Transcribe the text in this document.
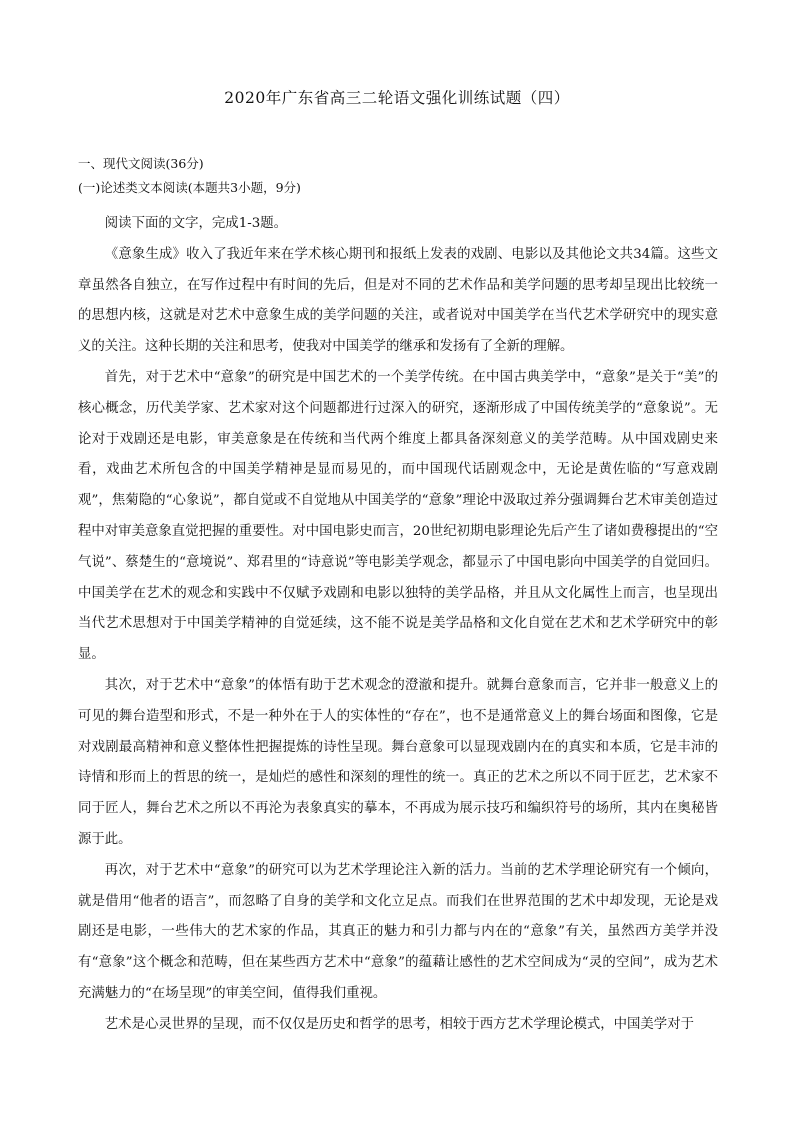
2020年广东省高三二轮语文强化训练试题（四）
一、现代文阅读(36分)
(一)论述类文本阅读(本题共3小题，9分)

阅读下面的文字，完成1-3题。

《意象生成》收入了我近年来在学术核心期刊和报纸上发表的戏剧、电影以及其他论文共34篇。这些文章虽然各自独立，在写作过程中有时间的先后，但是对不同的艺术作品和美学问题的思考却呈现出比较统一的思想内核，这就是对艺术中意象生成的美学问题的关注，或者说对中国美学在当代艺术学研究中的现实意义的关注。这种长期的关注和思考，使我对中国美学的继承和发扬有了全新的理解。

首先，对于艺术中“意象”的研究是中国艺术的一个美学传统。在中国古典美学中，“意象”是关于“美”的核心概念，历代美学家、艺术家对这个问题都进行过深入的研究，逐渐形成了中国传统美学的“意象说”。无论对于戏剧还是电影，审美意象是在传统和当代两个维度上都具备深刻意义的美学范畴。从中国戏剧史来看，戏曲艺术所包含的中国美学精神是显而易见的，而中国现代话剧观念中，无论是黄佐临的“写意戏剧观”，焦菊隐的“心象说”，都自觉或不自觉地从中国美学的“意象”理论中汲取过养分强调舞台艺术审美创造过程中对审美意象直觉把握的重要性。对中国电影史而言，20世纪初期电影理论先后产生了诸如费穆提出的“空气说”、蔡楚生的“意境说”、郑君里的“诗意说”等电影美学观念，都显示了中国电影向中国美学的自觉回归。中国美学在艺术的观念和实践中不仅赋予戏剧和电影以独特的美学品格，并且从文化属性上而言，也呈现出当代艺术思想对于中国美学精神的自觉延续，这不能不说是美学品格和文化自觉在艺术和艺术学研究中的彰显。

其次，对于艺术中“意象”的体悟有助于艺术观念的澄澈和提升。就舞台意象而言，它并非一般意义上的可见的舞台造型和形式，不是一种外在于人的实体性的“存在”，也不是通常意义上的舞台场面和图像，它是对戏剧最高精神和意义整体性把握提炼的诗性呈现。舞台意象可以显现戏剧内在的真实和本质，它是丰沛的诗情和形而上的哲思的统一，是灿烂的感性和深刻的理性的统一。真正的艺术之所以不同于匠艺，艺术家不同于匠人，舞台艺术之所以不再沦为表象真实的摹本，不再成为展示技巧和编织符号的场所，其内在奥秘皆源于此。

再次，对于艺术中“意象”的研究可以为艺术学理论注入新的活力。当前的艺术学理论研究有一个倾向，就是借用“他者的语言”，而忽略了自身的美学和文化立足点。而我们在世界范围的艺术中却发现，无论是戏剧还是电影，一些伟大的艺术家的作品，其真正的魅力和引力都与内在的“意象”有关，虽然西方美学并没有“意象”这个概念和范畴，但在某些西方艺术中“意象”的蕴藉让感性的艺术空间成为“灵的空间”，成为艺术充满魅力的“在场呈现”的审美空间，值得我们重视。

艺术是心灵世界的呈现，而不仅仅是历史和哲学的思考，相较于西方艺术学理论模式，中国美学对于
